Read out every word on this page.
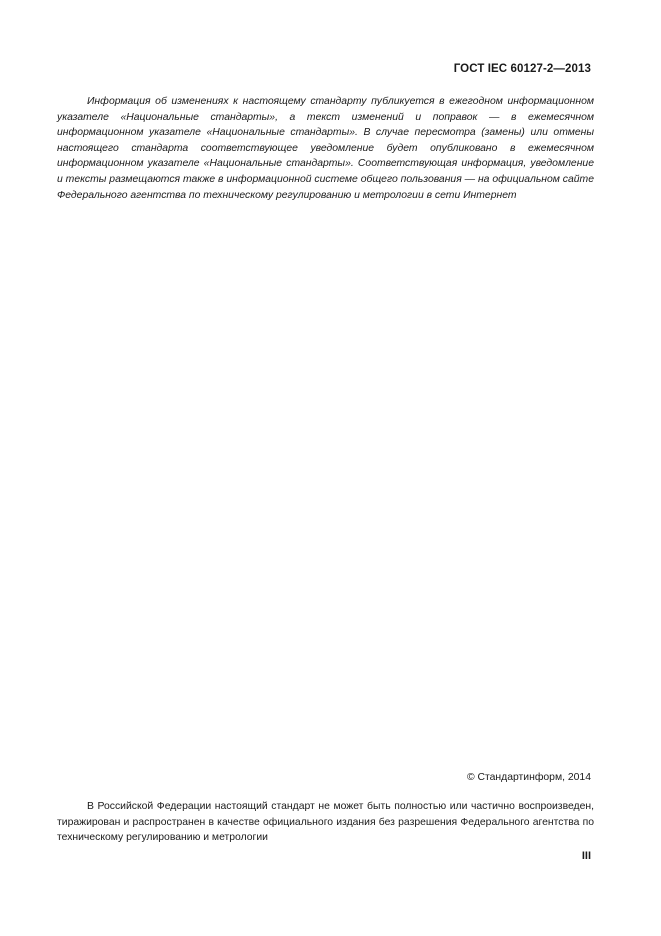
ГОСТ IEC 60127-2—2013

Информация об изменениях к настоящему стандарту публикуется в ежегодном информационном указателе «Национальные стандарты», а текст изменений и поправок — в ежемесячном информационном указателе «Национальные стандарты». В случае пересмотра (замены) или отмены настоящего стандарта соответствующее уведомление будет опубликовано в ежемесячном информационном указателе «Национальные стандарты». Соответствующая информация, уведомление и тексты размещаются также в информационной системе общего пользования — на официальном сайте Федерального агентства по техническому регулированию и метрологии в сети Интернет

© Стандартинформ, 2014

В Российской Федерации настоящий стандарт не может быть полностью или частично воспроизведен, тиражирован и распространен в качестве официального издания без разрешения Федерального агентства по техническому регулированию и метрологии

III
